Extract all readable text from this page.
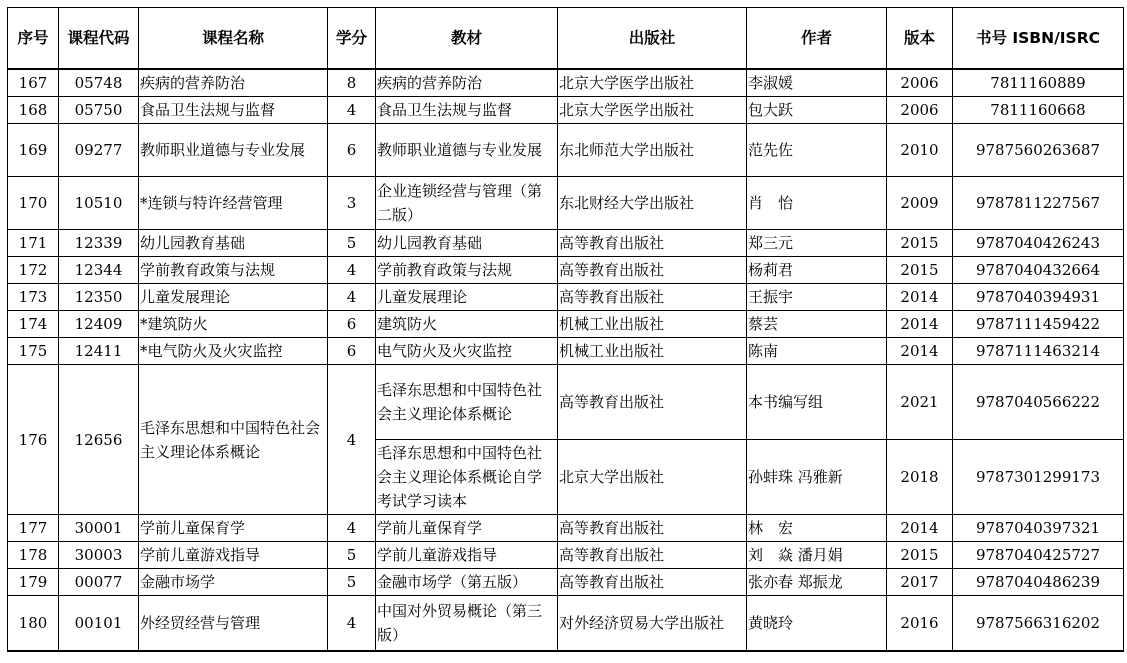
序号	课程代码	课程名称	学分	教材	出版社	作者	版本	书号 ISBN/ISRC
167	05748	疾病的营养防治	8	疾病的营养防治	北京大学医学出版社	李淑媛	2006	7811160889
168	05750	食品卫生法规与监督	4	食品卫生法规与监督	北京大学医学出版社	包大跃	2006	7811160668
169	09277	教师职业道德与专业发展	6	教师职业道德与专业发展	东北师范大学出版社	范先佐	2010	9787560263687
170	10510	*连锁与特许经营管理	3	企业连锁经营与管理（第二版）	东北财经大学出版社	肖　怡	2009	9787811227567
171	12339	幼儿园教育基础	5	幼儿园教育基础	高等教育出版社	郑三元	2015	9787040426243
172	12344	学前教育政策与法规	4	学前教育政策与法规	高等教育出版社	杨莉君	2015	9787040432664
173	12350	儿童发展理论	4	儿童发展理论	高等教育出版社	王振宇	2014	9787040394931
174	12409	*建筑防火	6	建筑防火	机械工业出版社	蔡芸	2014	9787111459422
175	12411	*电气防火及火灾监控	6	电气防火及火灾监控	机械工业出版社	陈南	2014	9787111463214
176	12656	毛泽东思想和中国特色社会主义理论体系概论	4	毛泽东思想和中国特色社会主义理论体系概论	高等教育出版社	本书编写组	2021	9787040566222
				毛泽东思想和中国特色社会主义理论体系概论自学考试学习读本	北京大学出版社	孙蚌珠 冯雅新	2018	9787301299173
177	30001	学前儿童保育学	4	学前儿童保育学	高等教育出版社	林　宏	2014	9787040397321
178	30003	学前儿童游戏指导	5	学前儿童游戏指导	高等教育出版社	刘　焱 潘月娟	2015	9787040425727
179	00077	金融市场学	5	金融市场学（第五版）	高等教育出版社	张亦春 郑振龙	2017	9787040486239
180	00101	外经贸经营与管理	4	中国对外贸易概论（第三版）	对外经济贸易大学出版社	黄晓玲	2016	9787566316202
